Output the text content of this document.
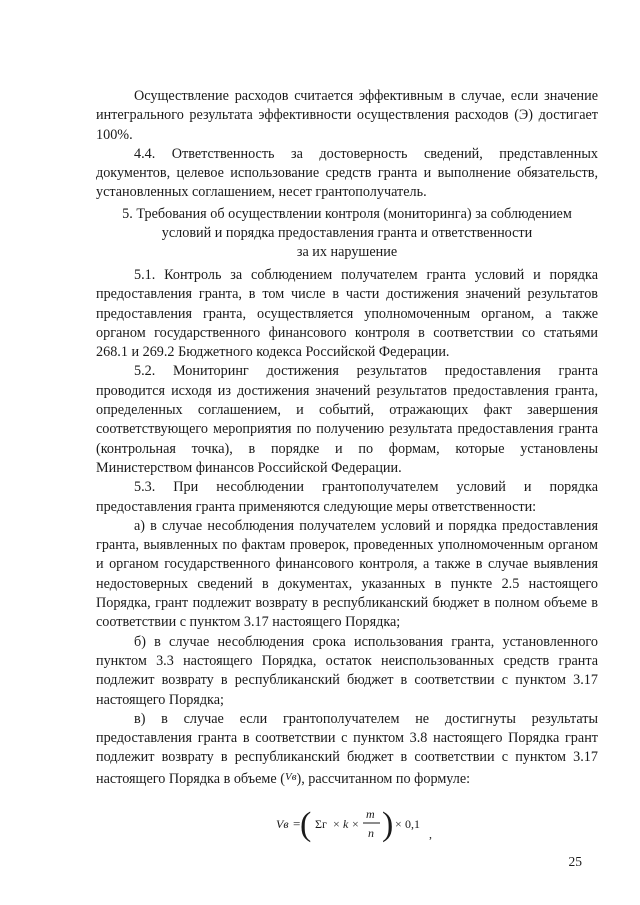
Осуществление расходов считается эффективным в случае, если значение интегрального результата эффективности осуществления расходов (Э) достигает 100%.

4.4. Ответственность за достоверность сведений, представленных документов, целевое использование средств гранта и выполнение обязательств, установленных соглашением, несет грантополучатель.

5. Требования об осуществлении контроля (мониторинга) за соблюдением
условий и порядка предоставления гранта и ответственности
за их нарушение

5.1. Контроль за соблюдением получателем гранта условий и порядка предоставления гранта, в том числе в части достижения значений результатов предоставления гранта, осуществляется уполномоченным органом, а также органом государственного финансового контроля в соответствии со статьями 268.1 и 269.2 Бюджетного кодекса Российской Федерации.

5.2. Мониторинг достижения результатов предоставления гранта проводится исходя из достижения значений результатов предоставления гранта, определенных соглашением, и событий, отражающих факт завершения соответствующего мероприятия по получению результата предоставления гранта (контрольная точка), в порядке и по формам, которые установлены Министерством финансов Российской Федерации.

5.3. При несоблюдении грантополучателем условий и порядка предоставления гранта применяются следующие меры ответственности:

а) в случае несоблюдения получателем условий и порядка предоставления гранта, выявленных по фактам проверок, проведенных уполномоченным органом и органом государственного финансового контроля, а также в случае выявления недостоверных сведений в документах, указанных в пункте 2.5 настоящего Порядка, грант подлежит возврату в республиканский бюджет в полном объеме в соответствии с пунктом 3.17 настоящего Порядка;

б) в случае несоблюдения срока использования гранта, установленного пунктом 3.3 настоящего Порядка, остаток неиспользованных средств гранта подлежит возврату в республиканский бюджет в соответствии с пунктом 3.17 настоящего Порядка;

в) в случае если грантополучателем не достигнуты результаты предоставления гранта в соответствии с пунктом 3.8 настоящего Порядка грант подлежит возврату в республиканский бюджет в соответствии с пунктом 3.17 настоящего Порядка в объеме ($^{Vв}$), рассчитанном по формуле:

Vв = ( Σг × k ×
m
n ) × 0,1
,
25
